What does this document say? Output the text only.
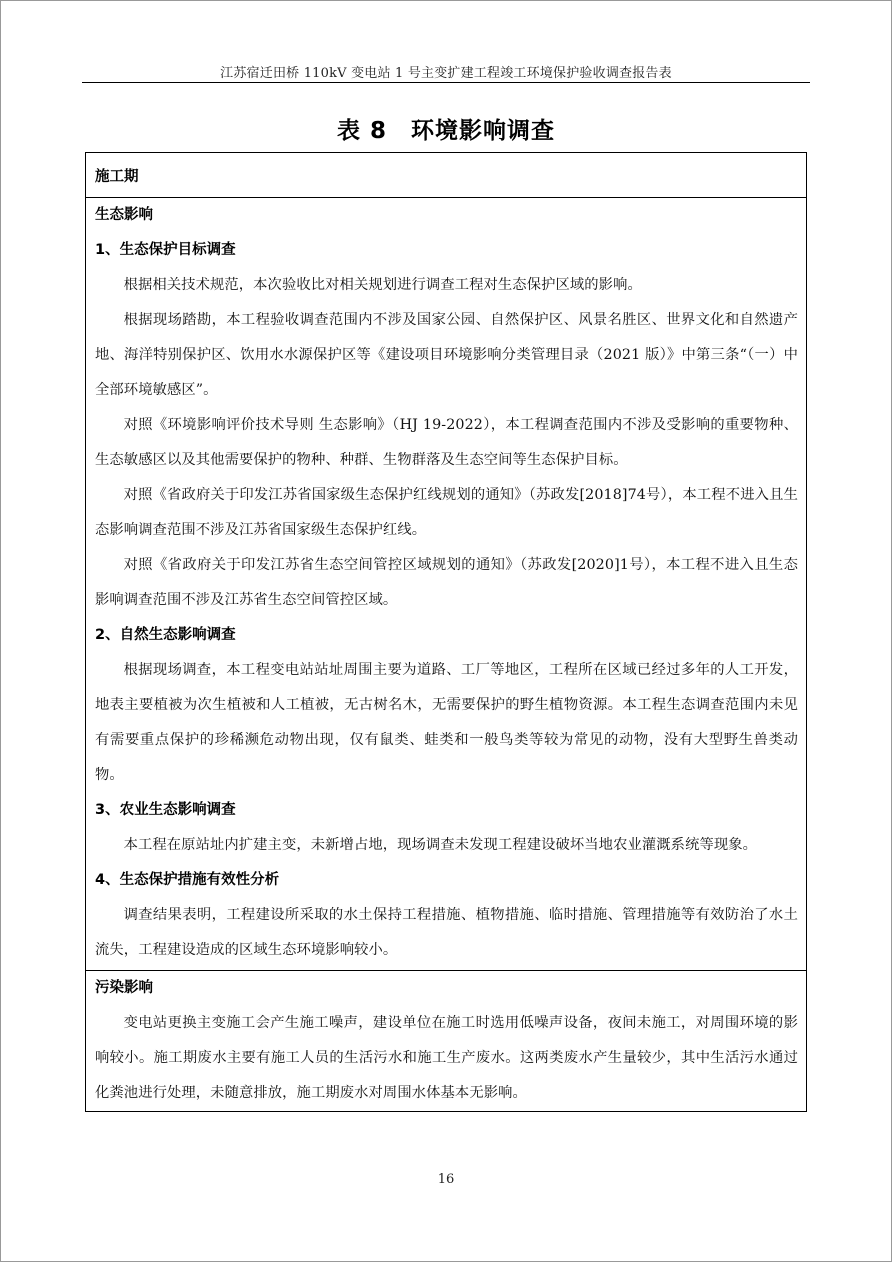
江苏宿迁田桥 110kV 变电站 1 号主变扩建工程竣工环境保护验收调查报告表
表 8　环境影响调查
施工期
生态影响
1、生态保护目标调查

根据相关技术规范，本次验收比对相关规划进行调查工程对生态保护区域的影响。

根据现场踏勘，本工程验收调查范围内不涉及国家公园、自然保护区、风景名胜区、世界文化和自然遗产地、海洋特别保护区、饮用水水源保护区等《建设项目环境影响分类管理目录（2021 版）》中第三条“（一）中全部环境敏感区”。

对照《环境影响评价技术导则 生态影响》（HJ 19-2022），本工程调查范围内不涉及受影响的重要物种、生态敏感区以及其他需要保护的物种、种群、生物群落及生态空间等生态保护目标。

对照《省政府关于印发江苏省国家级生态保护红线规划的通知》（苏政发[2018]74号），本工程不进入且生态影响调查范围不涉及江苏省国家级生态保护红线。

对照《省政府关于印发江苏省生态空间管控区域规划的通知》（苏政发[2020]1号），本工程不进入且生态影响调查范围不涉及江苏省生态空间管控区域。

2、自然生态影响调查

根据现场调查，本工程变电站站址周围主要为道路、工厂等地区，工程所在区域已经过多年的人工开发，地表主要植被为次生植被和人工植被，无古树名木，无需要保护的野生植物资源。本工程生态调查范围内未见有需要重点保护的珍稀濒危动物出现，仅有鼠类、蛙类和一般鸟类等较为常见的动物，没有大型野生兽类动物。

3、农业生态影响调查

本工程在原站址内扩建主变，未新增占地，现场调查未发现工程建设破坏当地农业灌溉系统等现象。

4、生态保护措施有效性分析

调查结果表明，工程建设所采取的水土保持工程措施、植物措施、临时措施、管理措施等有效防治了水土流失，工程建设造成的区域生态环境影响较小。

污染影响

变电站更换主变施工会产生施工噪声，建设单位在施工时选用低噪声设备，夜间未施工，对周围环境的影响较小。施工期废水主要有施工人员的生活污水和施工生产废水。这两类废水产生量较少，其中生活污水通过化粪池进行处理，未随意排放，施工期废水对周围水体基本无影响。

16
